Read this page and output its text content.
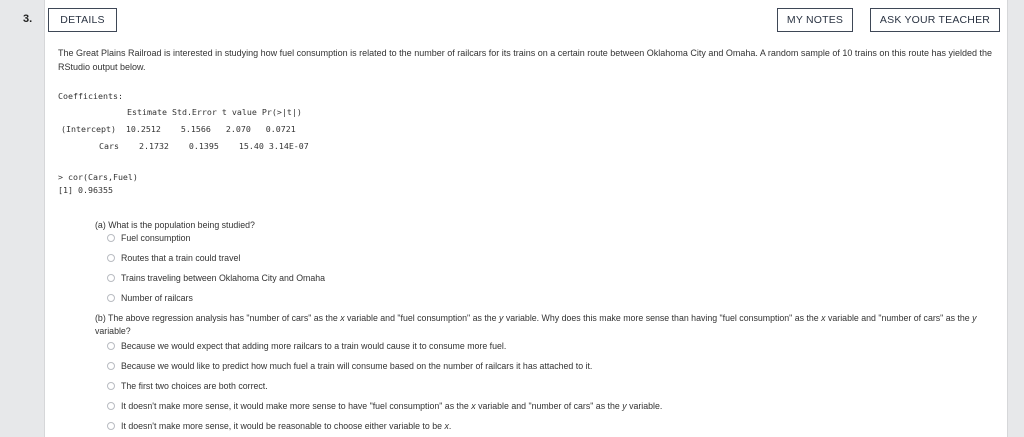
3.	DETAILS	MY NOTES	ASK YOUR TEACHER
The Great Plains Railroad is interested in studying how fuel consumption is related to the number of railcars for its trains on a certain route between Oklahoma City and Omaha. A random sample of 10 trains on this route has yielded the RStudio output below.
Coefficients:
Estimate Std.Error t value Pr(>|t|)
(Intercept)  10.2512    5.1566   2.070   0.0721
Cars    2.1732    0.1395    15.40 3.14E-07
> cor(Cars,Fuel)
[1] 0.96355
(a) What is the population being studied?
Fuel consumption
Routes that a train could travel
Trains traveling between Oklahoma City and Omaha
Number of railcars
(b) The above regression analysis has "number of cars" as the x variable and "fuel consumption" as the y variable. Why does this make more sense than having "fuel consumption" as the x variable and "number of cars" as the y variable?
Because we would expect that adding more railcars to a train would cause it to consume more fuel.
Because we would like to predict how much fuel a train will consume based on the number of railcars it has attached to it.
The first two choices are both correct.
It doesn't make more sense, it would make more sense to have "fuel consumption" as the x variable and "number of cars" as the y variable.
It doesn't make more sense, it would be reasonable to choose either variable to be x.
